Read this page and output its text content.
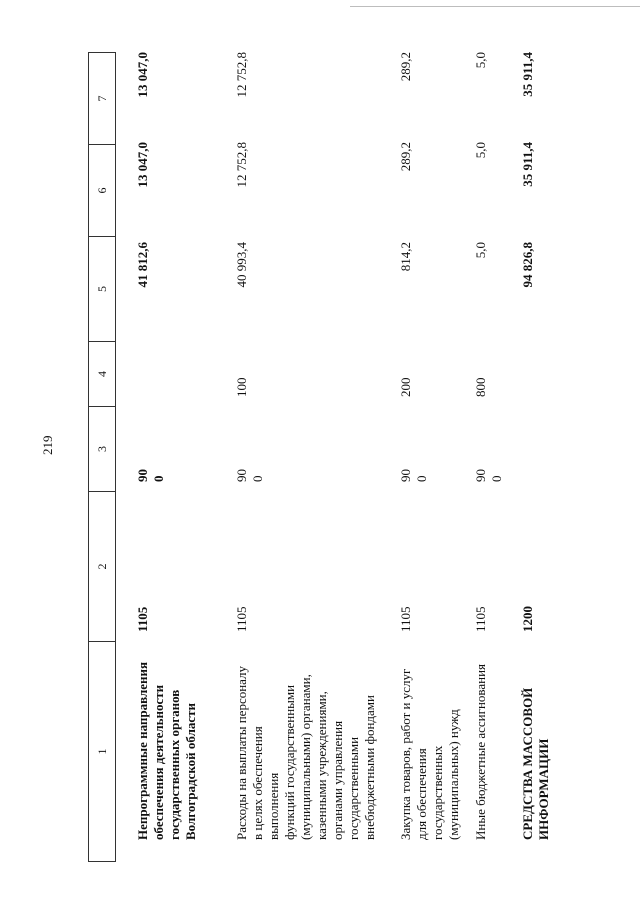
219
1
2
3
4
5
6
7
Непрограммные направления
обеспечения деятельности
государственных органов
Волгоградской области
1105
90 0
41 812,6
13 047,0
13 047,0
Расходы на выплаты персоналу
в целях обеспечения выполнения
функций государственными
(муниципальными) органами,
казенными учреждениями,
органами управления
государственными
внебюджетными фондами
1105
90 0
100
40 993,4
12 752,8
12 752,8
Закупка товаров, работ и услуг
для обеспечения государственных
(муниципальных) нужд
1105
90 0
200
814,2
289,2
289,2
Иные бюджетные ассигнования
1105
90 0
800
5,0
5,0
5,0
СРЕДСТВА МАССОВОЙ
ИНФОРМАЦИИ
1200
94 826,8
35 911,4
35 911,4
